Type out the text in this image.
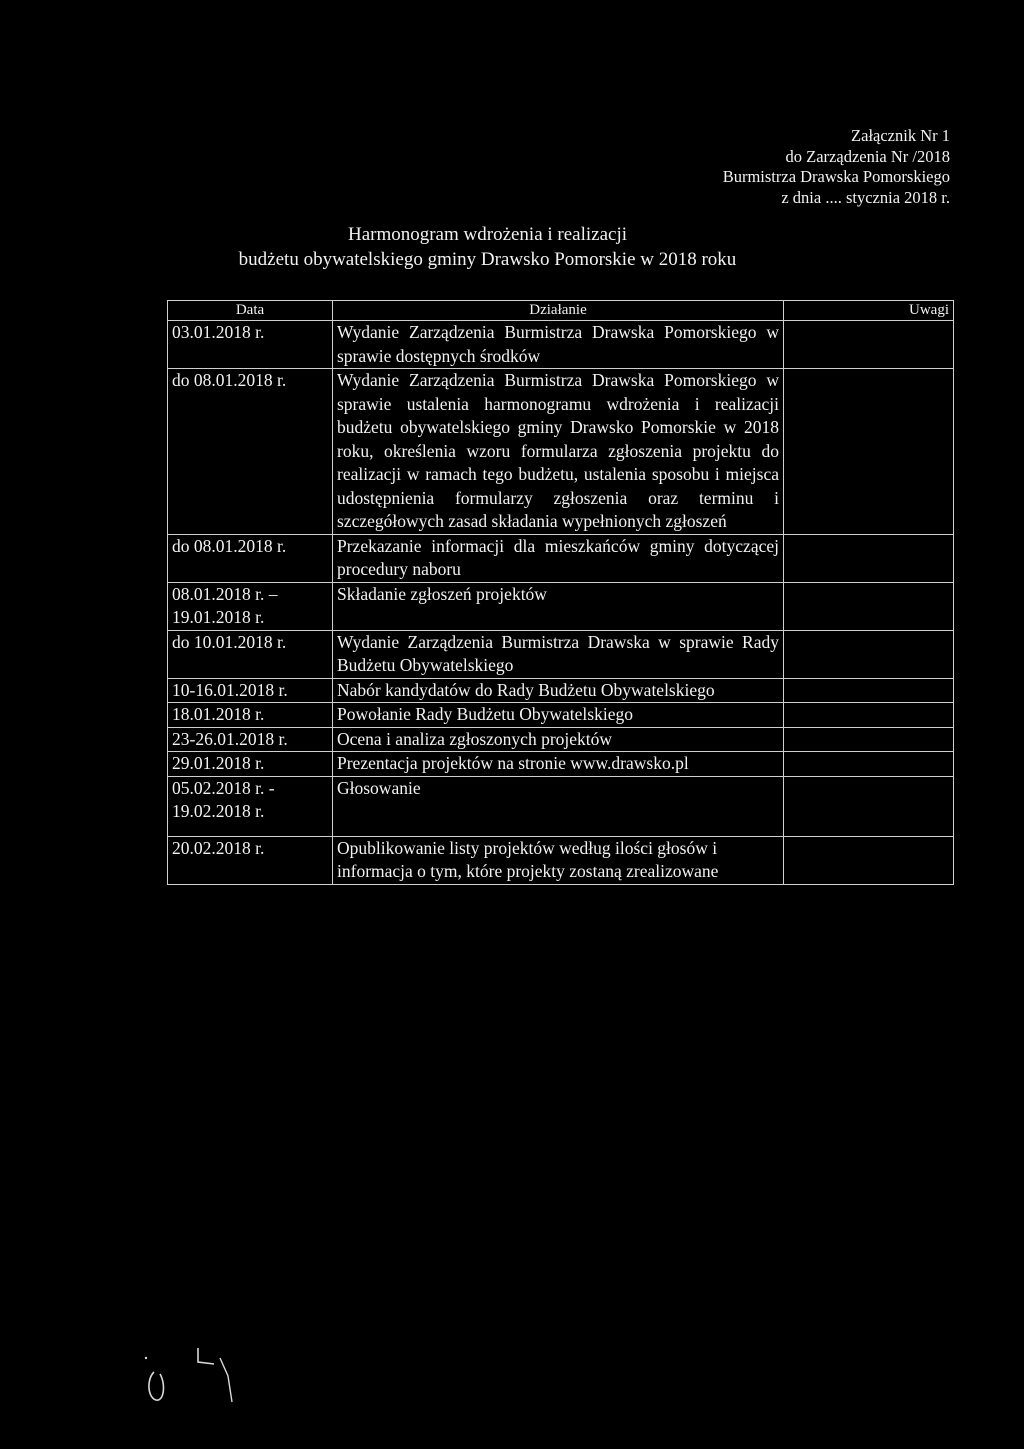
Załącznik Nr 1
do Zarządzenia Nr /2018
Burmistrza Drawska Pomorskiego
z dnia .... stycznia 2018 r.
Harmonogram wdrożenia i realizacji
budżetu obywatelskiego gminy Drawsko Pomorskie w 2018 roku
Data	Działanie	Uwagi
03.01.2018 r.	Wydanie Zarządzenia Burmistrza Drawska Pomorskiego w sprawie dostępnych środków	
do 08.01.2018 r.	Wydanie Zarządzenia Burmistrza Drawska Pomorskiego w sprawie ustalenia harmonogramu wdrożenia i realizacji budżetu obywatelskiego gminy Drawsko Pomorskie w 2018 roku, określenia wzoru formularza zgłoszenia projektu do realizacji w ramach tego budżetu, ustalenia sposobu i miejsca udostępnienia formularzy zgłoszenia oraz terminu i szczegółowych zasad składania wypełnionych zgłoszeń	
do 08.01.2018 r.	Przekazanie informacji dla mieszkańców gminy dotyczącej procedury naboru	
08.01.2018 r. – 19.01.2018 r.	Składanie zgłoszeń projektów	
do 10.01.2018 r.	Wydanie Zarządzenia Burmistrza Drawska w sprawie Rady Budżetu Obywatelskiego	
10-16.01.2018 r.	Nabór kandydatów do Rady Budżetu Obywatelskiego	
18.01.2018 r.	Powołanie Rady Budżetu Obywatelskiego	
23-26.01.2018 r.	Ocena i analiza zgłoszonych projektów	
29.01.2018 r.	Prezentacja projektów na stronie www.drawsko.pl	
05.02.2018 r. - 19.02.2018 r.	Głosowanie	
20.02.2018 r.	Opublikowanie listy projektów według ilości głosów i informacja o tym, które projekty zostaną zrealizowane	
